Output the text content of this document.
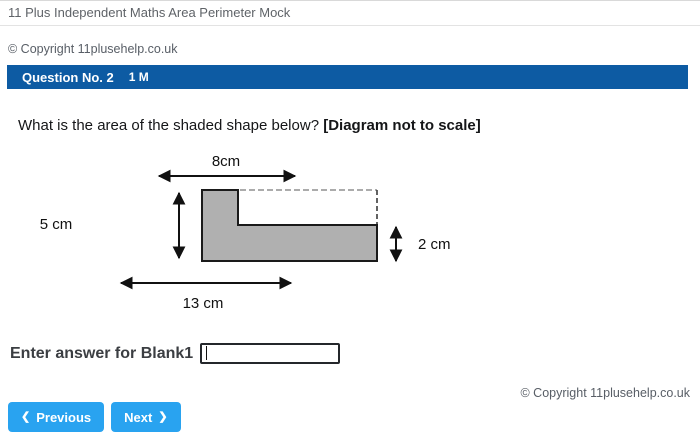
11 Plus Independent Maths Area Perimeter Mock
© Copyright 11plusehelp.co.uk
Question No. 2 1 M
What is the area of the shaded shape below? [Diagram not to scale]
8cm
5 cm
2 cm
13 cm
Enter answer for Blank1
© Copyright 11plusehelp.co.uk
❮ Previous	Next ❯
